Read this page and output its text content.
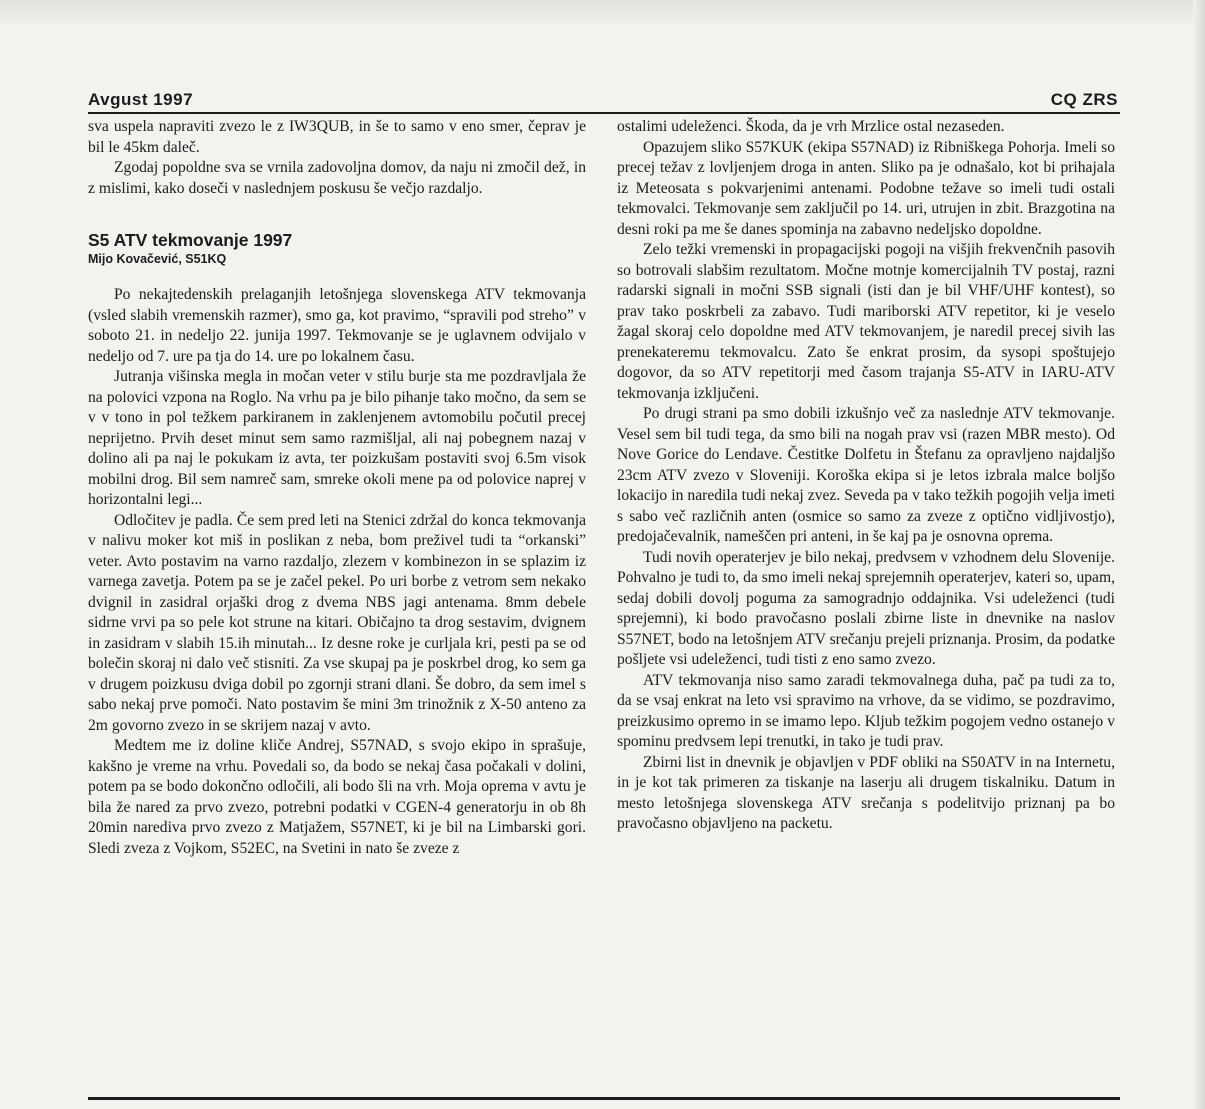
Avgust 1997	CQ ZRS

sva uspela napraviti zvezo le z IW3QUB, in še to samo v eno smer, čeprav je bil le 45km daleč.

Zgodaj popoldne sva se vrnila zadovoljna domov, da naju ni zmočil dež, in z mislimi, kako doseči v naslednjem poskusu še večjo razdaljo.

S5 ATV tekmovanje 1997
Mijo Kovačević, S51KQ

Po nekajtedenskih prelaganjih letošnjega slovenskega ATV tekmovanja (vsled slabih vremenskih razmer), smo ga, kot pravimo, “spravili pod streho” v soboto 21. in nedeljo 22. junija 1997. Tekmovanje se je uglavnem odvijalo v nedeljo od 7. ure pa tja do 14. ure po lokalnem času.

Jutranja višinska megla in močan veter v stilu burje sta me pozdravljala že na polovici vzpona na Roglo. Na vrhu pa je bilo pihanje tako močno, da sem se v v tono in pol težkem parkiranem in zaklenjenem avtomobilu počutil precej neprijetno. Prvih deset minut sem samo razmišljal, ali naj pobegnem nazaj v dolino ali pa naj le pokukam iz avta, ter poizkušam postaviti svoj 6.5m visok mobilni drog. Bil sem namreč sam, smreke okoli mene pa od polovice naprej v horizontalni legi...

Odločitev je padla. Če sem pred leti na Stenici zdržal do konca tekmovanja v nalivu moker kot miš in poslikan z neba, bom preživel tudi ta “orkanski” veter. Avto postavim na varno razdaljo, zlezem v kombinezon in se splazim iz varnega zavetja. Potem pa se je začel pekel. Po uri borbe z vetrom sem nekako dvignil in zasidral orjaški drog z dvema NBS jagi antenama. 8mm debele sidrne vrvi pa so pele kot strune na kitari. Običajno ta drog sestavim, dvignem in zasidram v slabih 15.ih minutah... Iz desne roke je curljala kri, pesti pa se od bolečin skoraj ni dalo več stisniti. Za vse skupaj pa je poskrbel drog, ko sem ga v drugem poizkusu dviga dobil po zgornji strani dlani. Še dobro, da sem imel s sabo nekaj prve pomoči. Nato postavim še mini 3m trinožnik z X-50 anteno za 2m govorno zvezo in se skrijem nazaj v avto.

Medtem me iz doline kliče Andrej, S57NAD, s svojo ekipo in sprašuje, kakšno je vreme na vrhu. Povedali so, da bodo se nekaj časa počakali v dolini, potem pa se bodo dokončno odločili, ali bodo šli na vrh. Moja oprema v avtu je bila že nared za prvo zvezo, potrebni podatki v CGEN-4 generatorju in ob 8h 20min narediva prvo zvezo z Matjažem, S57NET, ki je bil na Limbarski gori. Sledi zveza z Vojkom, S52EC, na Svetini in nato še zveze z

ostalimi udeleženci. Škoda, da je vrh Mrzlice ostal nezaseden.

Opazujem sliko S57KUK (ekipa S57NAD) iz Ribniškega Pohorja. Imeli so precej težav z lovljenjem droga in anten. Sliko pa je odnašalo, kot bi prihajala iz Meteosata s pokvarjenimi antenami. Podobne težave so imeli tudi ostali tekmovalci. Tekmovanje sem zaključil po 14. uri, utrujen in zbit. Brazgotina na desni roki pa me še danes spominja na zabavno nedeljsko dopoldne.

Zelo težki vremenski in propagacijski pogoji na višjih frekvenčnih pasovih so botrovali slabšim rezultatom. Močne motnje komercijalnih TV postaj, razni radarski signali in močni SSB signali (isti dan je bil VHF/UHF kontest), so prav tako poskrbeli za zabavo. Tudi mariborski ATV repetitor, ki je veselo žagal skoraj celo dopoldne med ATV tekmovanjem, je naredil precej sivih las prenekateremu tekmovalcu. Zato še enkrat prosim, da sysopi spoštujejo dogovor, da so ATV repetitorji med časom trajanja S5-ATV in IARU-ATV tekmovanja izključeni.

Po drugi strani pa smo dobili izkušnjo več za naslednje ATV tekmovanje. Vesel sem bil tudi tega, da smo bili na nogah prav vsi (razen MBR mesto). Od Nove Gorice do Lendave. Čestitke Dolfetu in Štefanu za opravljeno najdaljšo 23cm ATV zvezo v Sloveniji. Koroška ekipa si je letos izbrala malce boljšo lokacijo in naredila tudi nekaj zvez. Seveda pa v tako težkih pogojih velja imeti s sabo več različnih anten (osmice so samo za zveze z optično vidljivostjo), predojačevalnik, nameščen pri anteni, in še kaj pa je osnovna oprema.

Tudi novih operaterjev je bilo nekaj, predvsem v vzhodnem delu Slovenije. Pohvalno je tudi to, da smo imeli nekaj sprejemnih operaterjev, kateri so, upam, sedaj dobili dovolj poguma za samogradnjo oddajnika. Vsi udeleženci (tudi sprejemni), ki bodo pravočasno poslali zbirne liste in dnevnike na naslov S57NET, bodo na letošnjem ATV srečanju prejeli priznanja. Prosim, da podatke pošljete vsi udeleženci, tudi tisti z eno samo zvezo.

ATV tekmovanja niso samo zaradi tekmovalnega duha, pač pa tudi za to, da se vsaj enkrat na leto vsi spravimo na vrhove, da se vidimo, se pozdravimo, preizkusimo opremo in se imamo lepo. Kljub težkim pogojem vedno ostanejo v spominu predvsem lepi trenutki, in tako je tudi prav.

Zbirni list in dnevnik je objavljen v PDF obliki na S50ATV in na Internetu, in je kot tak primeren za tiskanje na laserju ali drugem tiskalniku. Datum in mesto letošnjega slovenskega ATV srečanja s podelitvijo priznanj pa bo pravočasno objavljeno na packetu.
